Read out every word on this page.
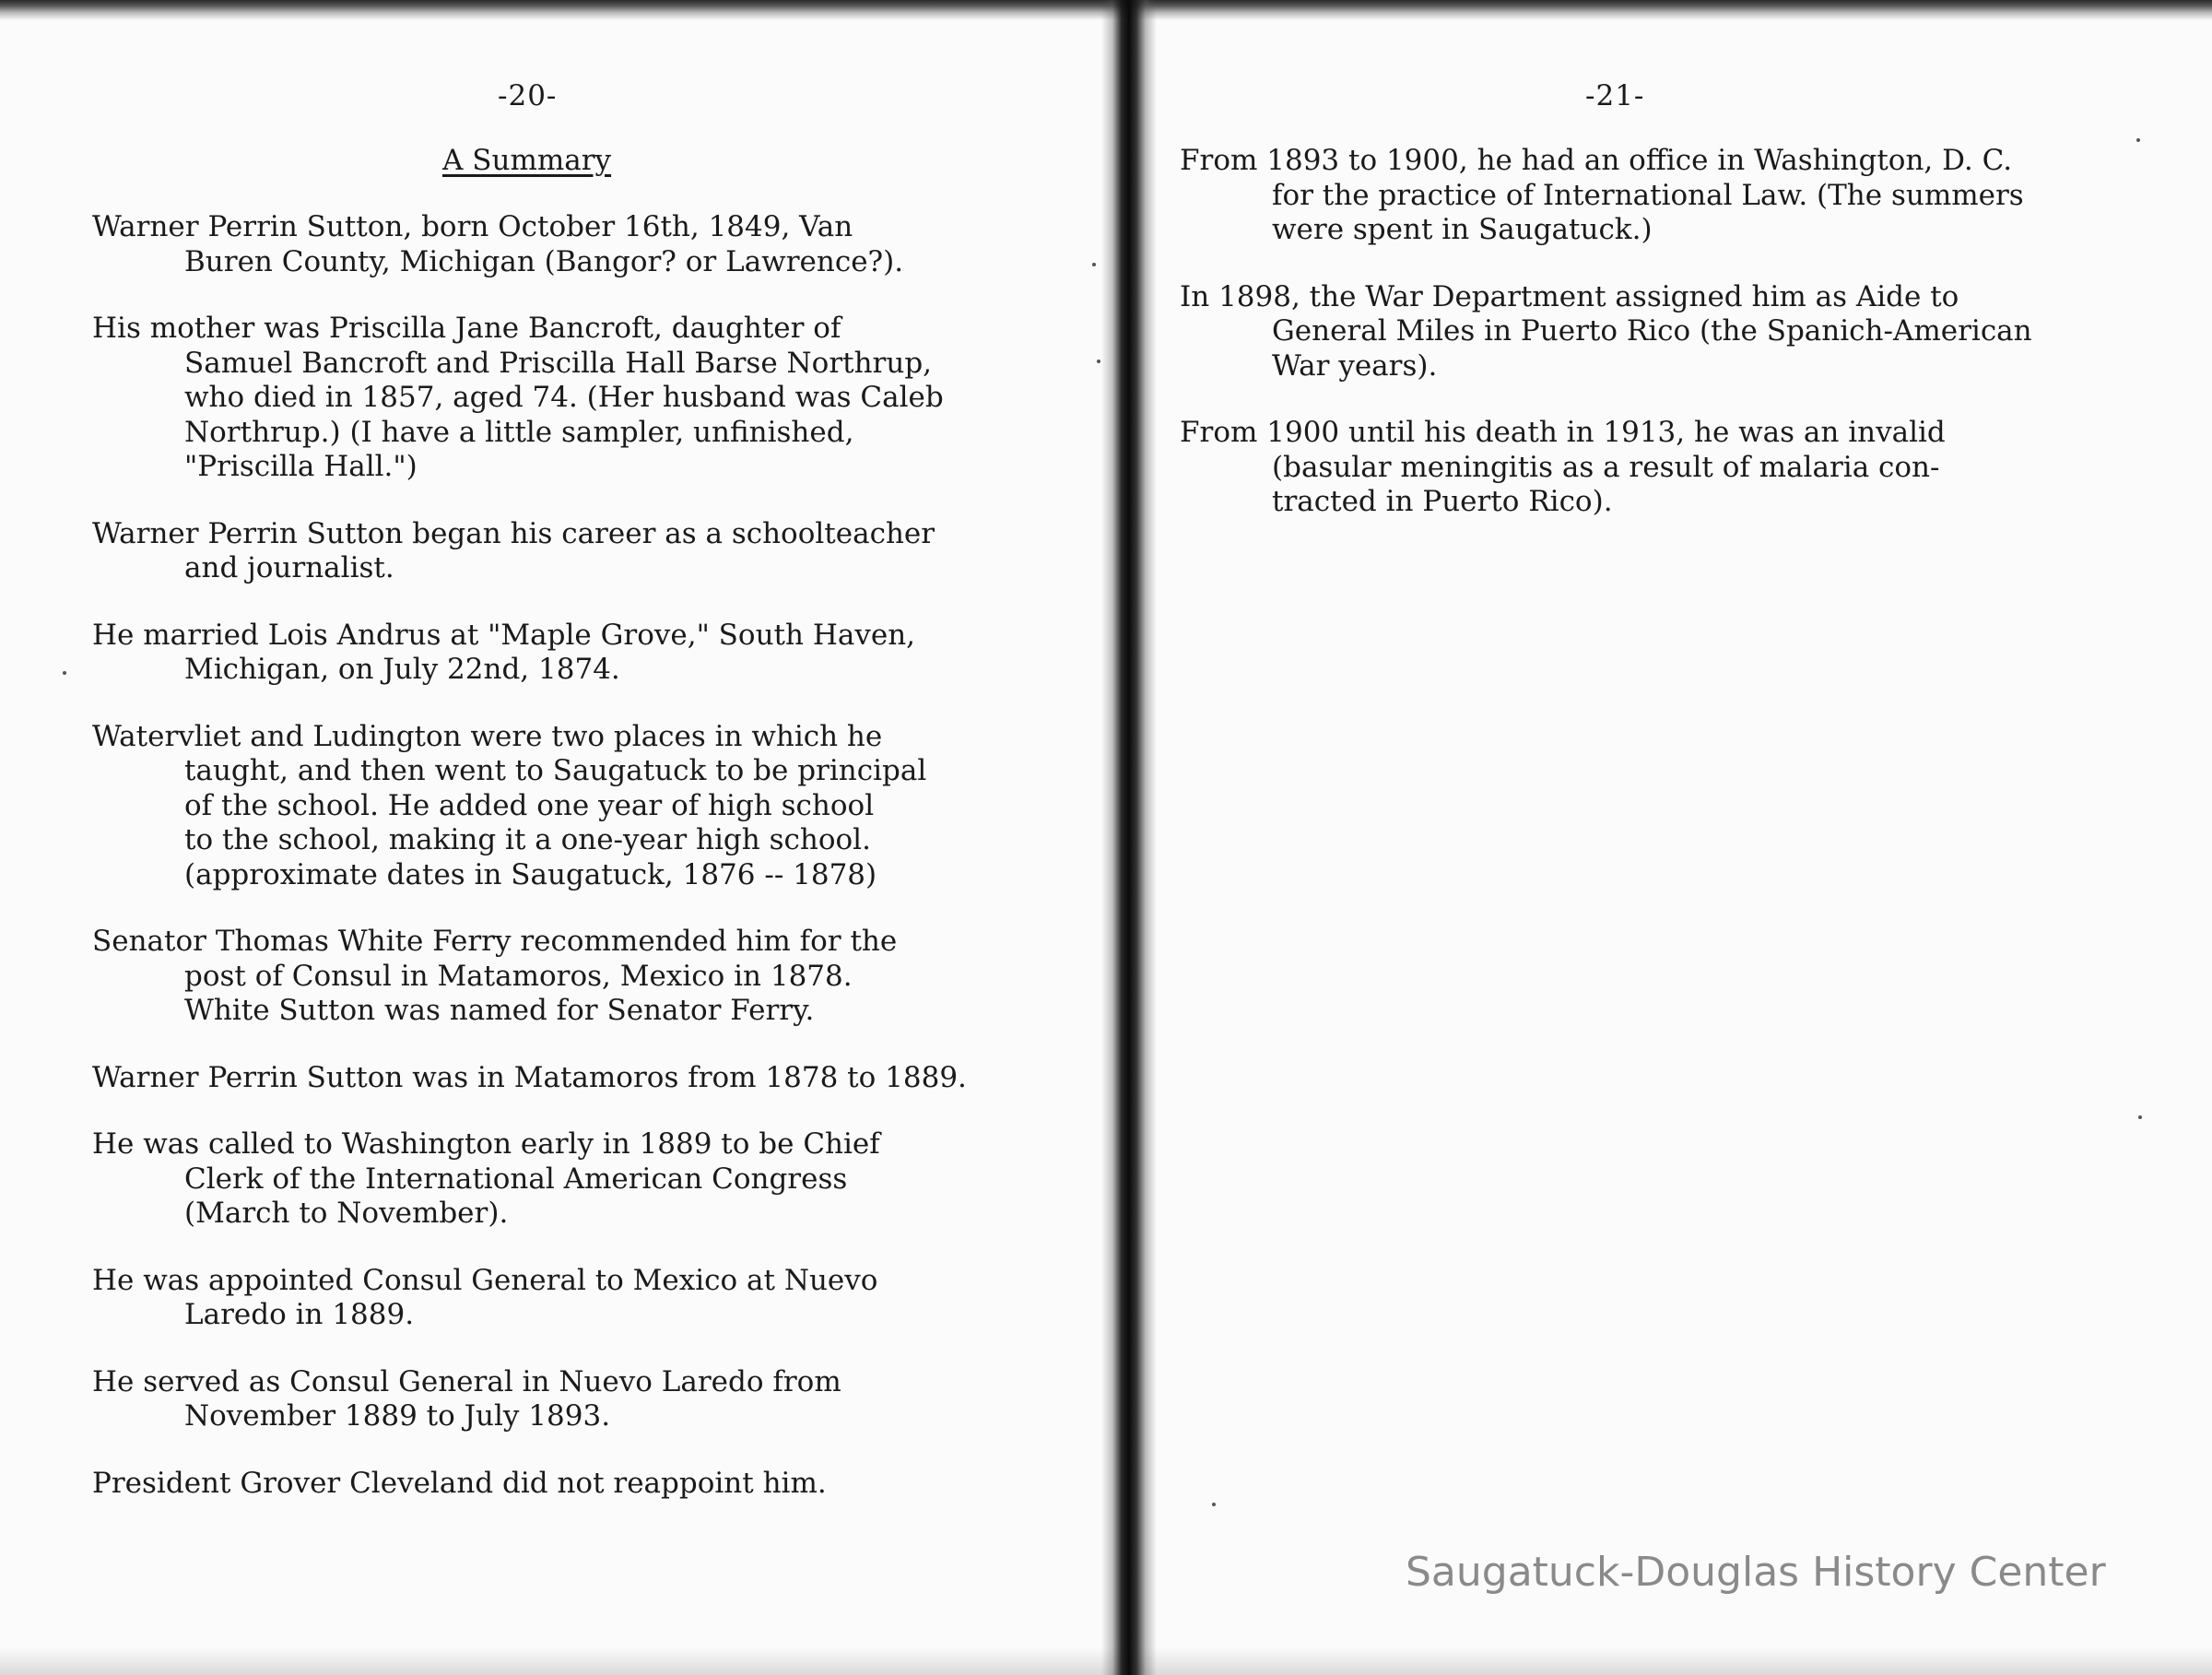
-20-
A Summary
Warner Perrin Sutton, born October 16th, 1849, Van
Buren County, Michigan (Bangor? or Lawrence?).
His mother was Priscilla Jane Bancroft, daughter of
Samuel Bancroft and Priscilla Hall Barse Northrup,
who died in 1857, aged 74. (Her husband was Caleb
Northrup.) (I have a little sampler, unfinished,
"Priscilla Hall.")
Warner Perrin Sutton began his career as a schoolteacher
and journalist.
He married Lois Andrus at "Maple Grove," South Haven,
Michigan, on July 22nd, 1874.
Watervliet and Ludington were two places in which he
taught, and then went to Saugatuck to be principal
of the school. He added one year of high school
to the school, making it a one-year high school.
(approximate dates in Saugatuck, 1876 -- 1878)
Senator Thomas White Ferry recommended him for the
post of Consul in Matamoros, Mexico in 1878.
White Sutton was named for Senator Ferry.
Warner Perrin Sutton was in Matamoros from 1878 to 1889.
He was called to Washington early in 1889 to be Chief
Clerk of the International American Congress
(March to November).
He was appointed Consul General to Mexico at Nuevo
Laredo in 1889.
He served as Consul General in Nuevo Laredo from
November 1889 to July 1893.
President Grover Cleveland did not reappoint him.
-21-
From 1893 to 1900, he had an office in Washington, D. C.
for the practice of International Law. (The summers
were spent in Saugatuck.)
In 1898, the War Department assigned him as Aide to
General Miles in Puerto Rico (the Spanich-American
War years).
From 1900 until his death in 1913, he was an invalid
(basular meningitis as a result of malaria con-
tracted in Puerto Rico).
Saugatuck-Douglas History Center
